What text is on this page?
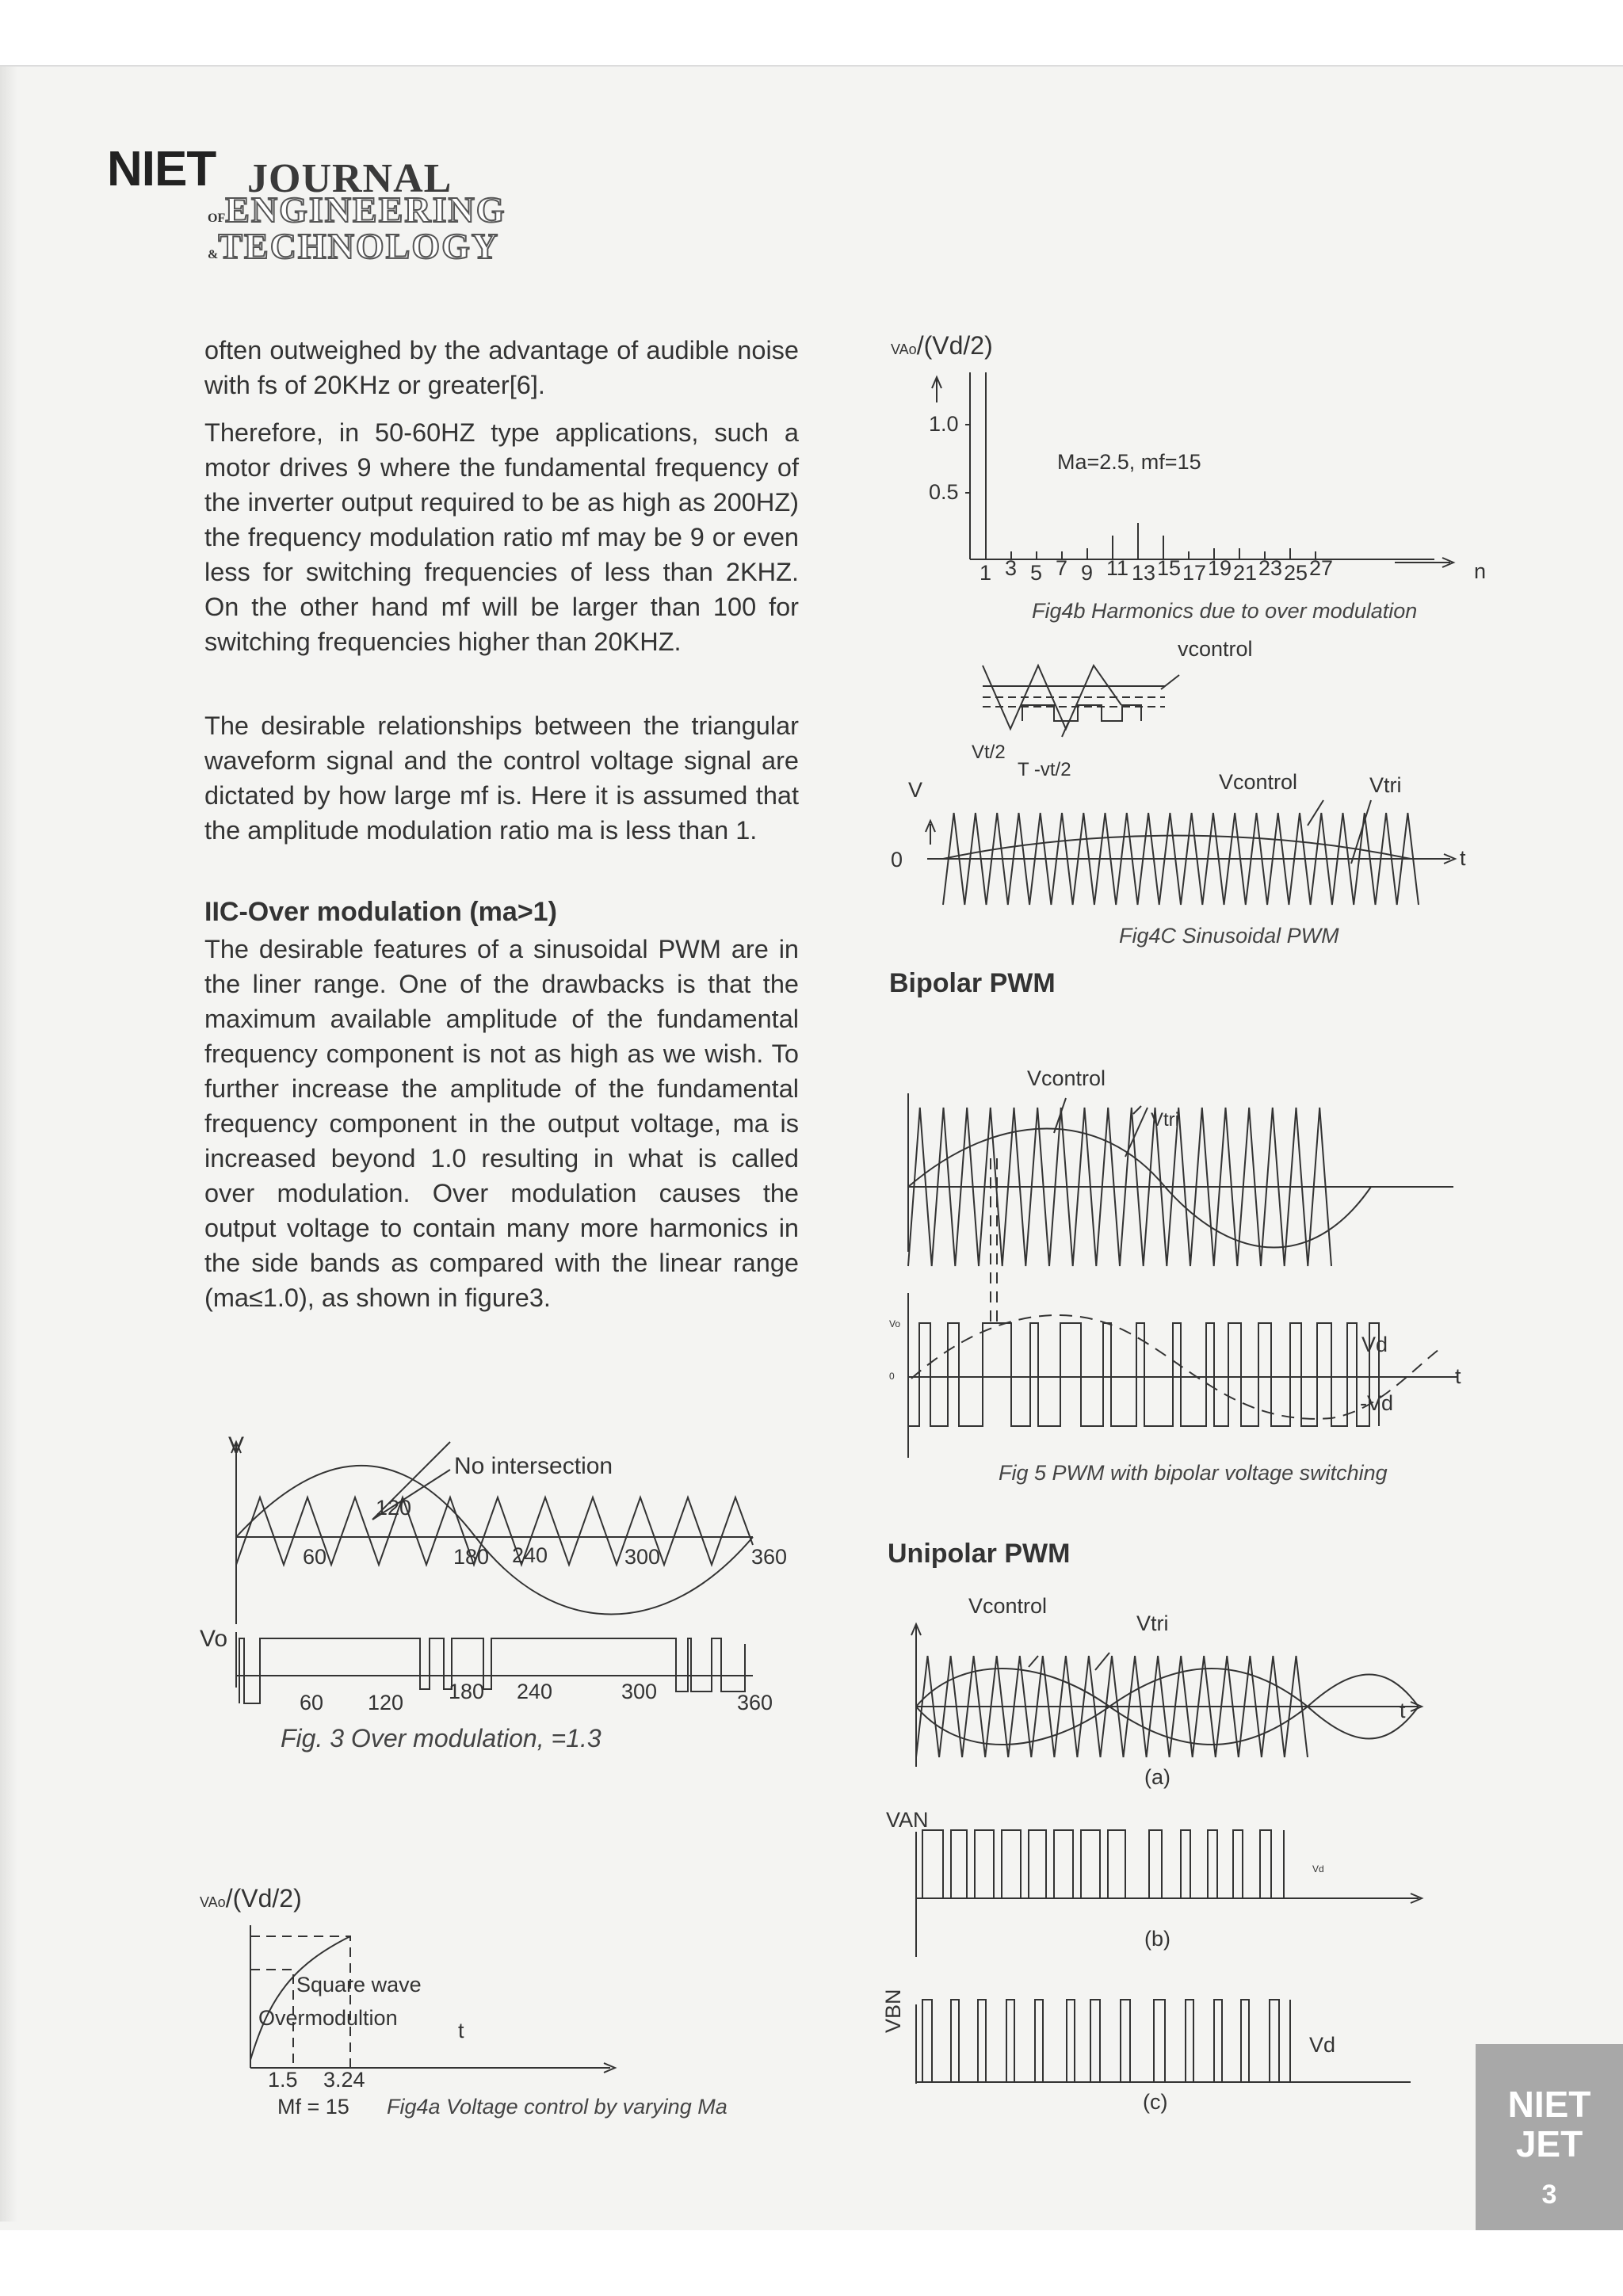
NIET JOURNAL
OFENGINEERING
&TECHNOLOGY
often outweighed by the advantage of audible noise with fs of 20KHz or greater[6].
Therefore, in 50-60HZ type applications, such a motor drives 9 where the fundamental frequency of the inverter output required to be as high as 200HZ) the frequency modulation ratio mf may be 9 or even less for switching frequencies of less than 2KHZ. On the other hand mf will be larger than 100 for switching frequencies higher than 20KHZ.
The desirable relationships between the triangular waveform signal and the control voltage signal are dictated by how large mf is. Here it is assumed that the amplitude modulation ratio ma is less than 1.
IIC-Over modulation (ma>1)
The desirable features of a sinusoidal PWM are in the liner range. One of the drawbacks is that the maximum available amplitude of the fundamental frequency component is not as high as we wish. To further increase the amplitude of the fundamental frequency component in the output voltage, ma is increased beyond 1.0 resulting in what is called over modulation. Over modulation causes the output voltage to contain many more harmonics in the side bands as compared with the linear range (ma≤1.0), as shown in figure3.
V
No intersection
60
120
180 240	300	360
Vo
60 120 180 240	300	360
Fig. 3 Over modulation, =1.3
VAo/(Vd/2)
Square wave
Overmodultion
t
1.5 3.24
Mf = 15 Fig4a Voltage control by varying Ma
VAo/(Vd/2)
1.0
0.5
Ma=2.5, mf=15
1 3 5 7 9 11 13 15 17 19 21 23 25 27	n
Fig4b Harmonics due to over modulation
vcontrol
Vt/2
T -vt/2
V	Vcontrol	Vtri
0	t
Fig4C Sinusoidal PWM
Bipolar PWM
Vcontrol
Vtri
Vo
0
Vd
-Vd
t
Fig 5 PWM with bipolar voltage switching
Unipolar PWM
Vcontrol
Vtri
t
(a)
VAN
Vd
(b)
VBN
Vd
(c)	NIET
JET
3
